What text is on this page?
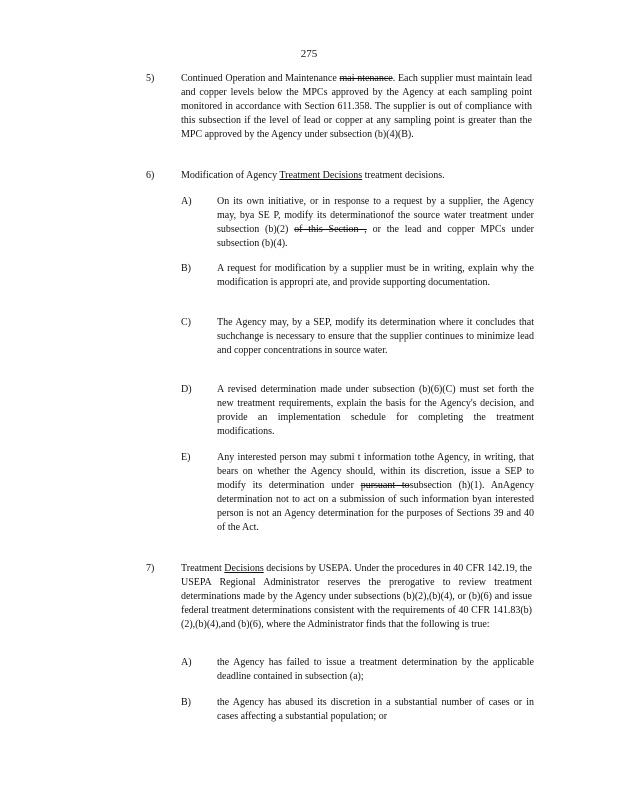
275
5)	Continued Operation and Maintenance mai ntenance. Each supplier must maintain lead and copper levels below the MPCs approved by the Agency at each sampling point monitored in accordance with Section 611.358. The supplier is out of compliance with this subsection if the level of lead or copper at any sampling point is greater than the MPC approved by the Agency under subsection (b)(4)(B).
6)	Modification of Agency Treatment Decisions treatment decisions.
A)	On its own initiative, or in response to a request by a supplier, the Agency may, bya SE P, modify its determinationof the source water treatment under subsection (b)(2) of this Section , or the lead and copper MPCs under subsection (b)(4).
B)	A request for modification by a supplier must be in writing, explain why the modification is appropri ate, and provide supporting documentation.
C)	The Agency may, by a SEP, modify its determination where it concludes that suchchange is necessary to ensure that the supplier continues to minimize lead and copper concentrations in source water.
D)	A revised determination made under subsection (b)(6)(C) must set forth the new treatment requirements, explain the basis for the Agency's decision, and provide an implementation schedule for completing the treatment modifications.
E)	Any interested person may submi t information tothe Agency, in writing, that bears on whether the Agency should, within its discretion, issue a SEP to modify its determination under pursuant tosubsection (h)(1). AnAgency determination not to act on a submission of such information byan interested person is not an Agency determination for the purposes of Sections 39 and 40 of the Act.
7)	Treatment Decisions decisions by USEPA. Under the procedures in 40 CFR 142.19, the USEPA Regional Administrator reserves the prerogative to review treatment determinations made by the Agency under subsections (b)(2),(b)(4), or (b)(6) and issue federal treatment determinations consistent with the requirements of 40 CFR 141.83(b)(2),(b)(4),and (b)(6), where the Administrator finds that the following is true:
A)	the Agency has failed to issue a treatment determination by the applicable deadline contained in subsection (a);
B)	the Agency has abused its discretion in a substantial number of cases or in cases affecting a substantial population; or
